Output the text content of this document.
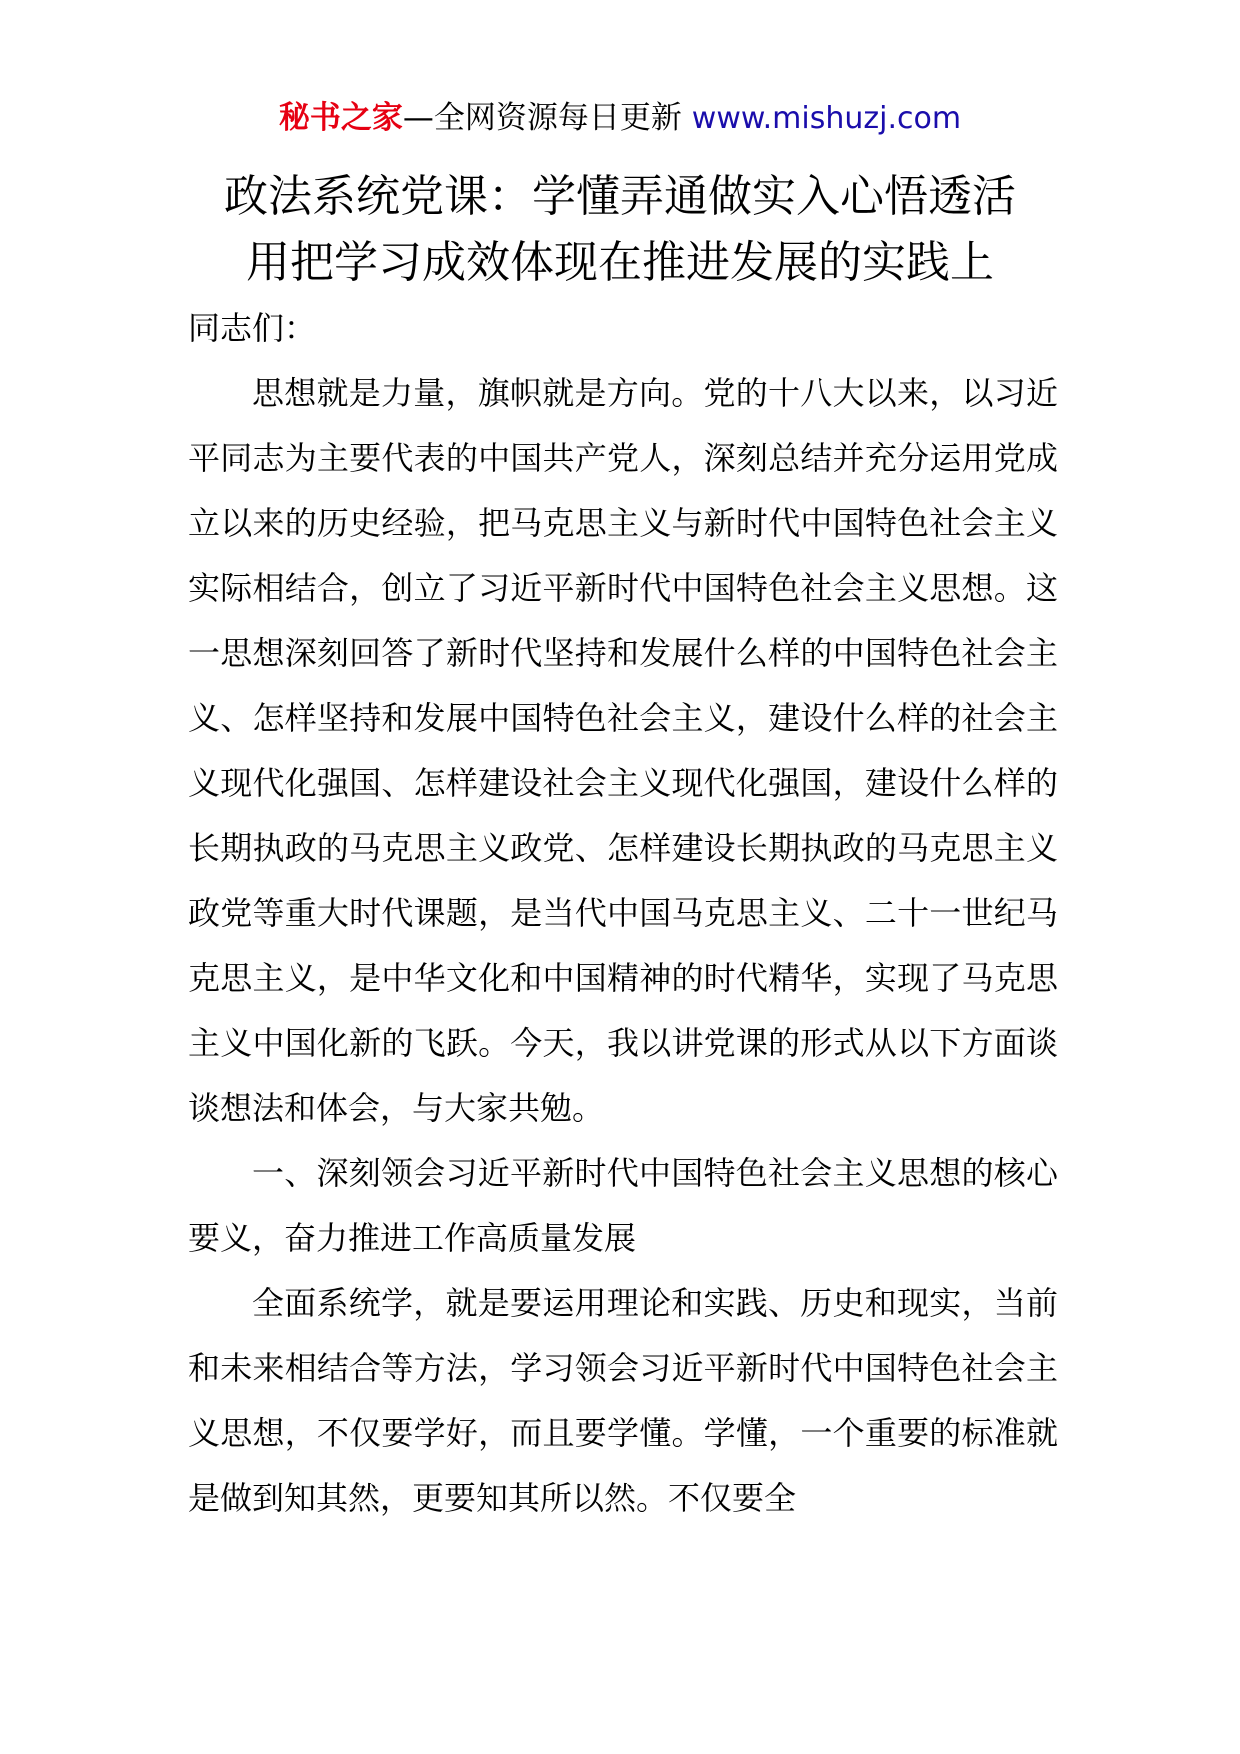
秘书之家—全网资源每日更新 www.mishuzj.com
政法系统党课：学懂弄通做实入心悟透活
用把学习成效体现在推进发展的实践上

同志们：

思想就是力量，旗帜就是方向。党的十八大以来，以习近平同志为主要代表的中国共产党人，深刻总结并充分运用党成立以来的历史经验，把马克思主义与新时代中国特色社会主义实际相结合，创立了习近平新时代中国特色社会主义思想。这一思想深刻回答了新时代坚持和发展什么样的中国特色社会主义、怎样坚持和发展中国特色社会主义，建设什么样的社会主义现代化强国、怎样建设社会主义现代化强国，建设什么样的长期执政的马克思主义政党、怎样建设长期执政的马克思主义政党等重大时代课题，是当代中国马克思主义、二十一世纪马克思主义，是中华文化和中国精神的时代精华，实现了马克思主义中国化新的飞跃。今天，我以讲党课的形式从以下方面谈谈想法和体会，与大家共勉。

一、深刻领会习近平新时代中国特色社会主义思想的核心要义，奋力推进工作高质量发展

全面系统学，就是要运用理论和实践、历史和现实，当前和未来相结合等方法，学习领会习近平新时代中国特色社会主义思想，不仅要学好，而且要学懂。学懂，一个重要的标准就是做到知其然，更要知其所以然。不仅要全
